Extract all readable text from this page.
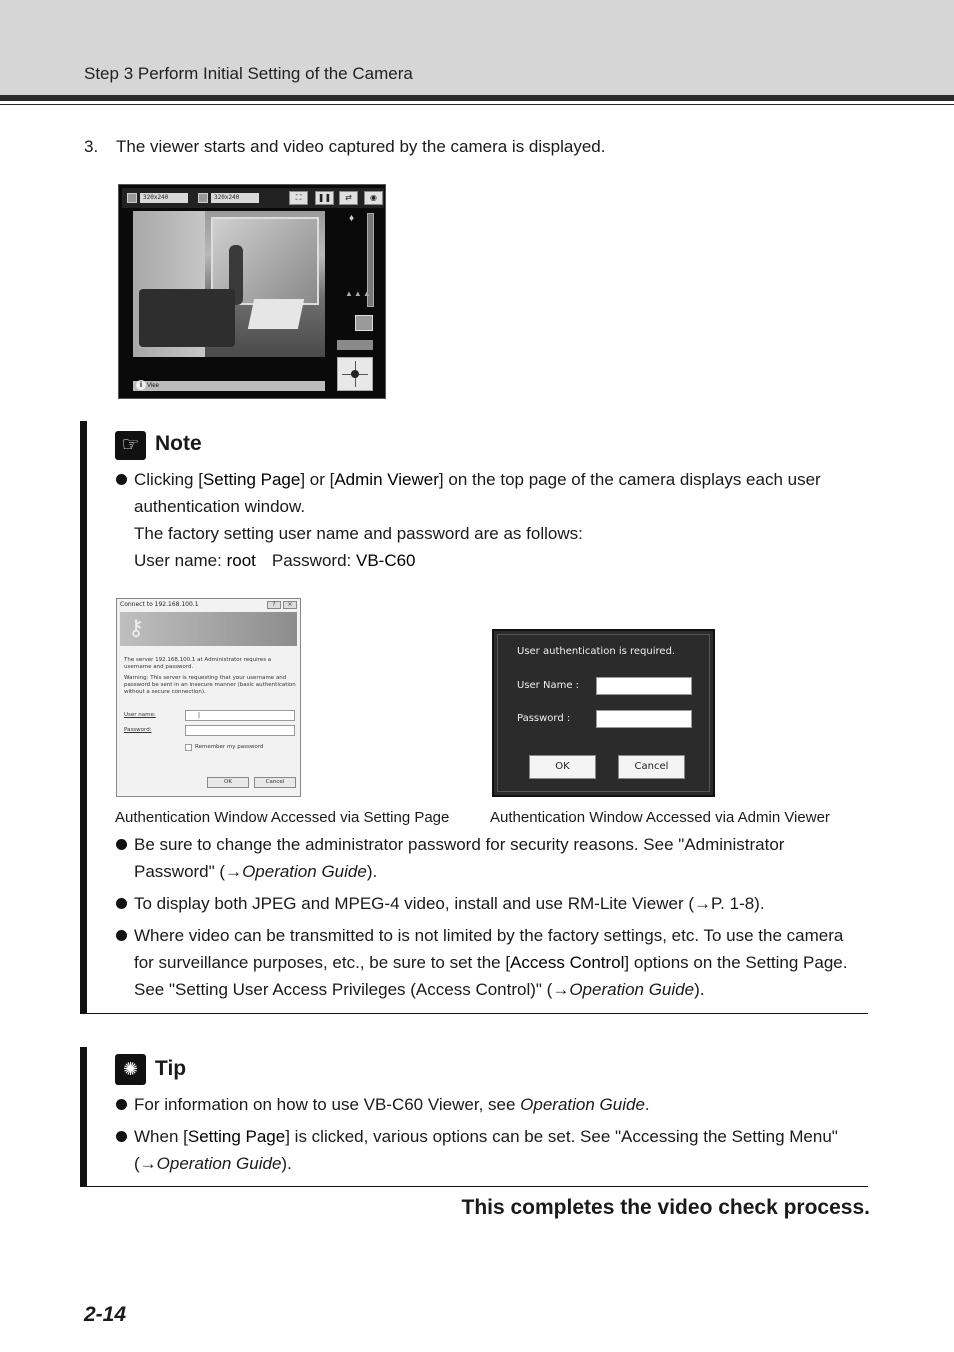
Step 3 Perform Initial Setting of the Camera
3. The viewer starts and video captured by the camera is displayed.
320x240	320x240	⛶	❚❚	⇄	◉
♦
▲▲▲
Viee
i
☞ Note
Clicking [Setting Page] or [Admin Viewer] on the top page of the camera displays each user authentication window.
The factory setting user name and password are as follows:
User name: root Password: VB-C60
Connect to 192.168.100.1	?	×
⚷
The server 192.168.100.1 at Administrator requires a username and password.
Warning: This server is requesting that your username and password be sent in an insecure manner (basic authentication without a secure connection).
User name:	|
Password:
Remember my password
OK	Cancel
User authentication is required.
User Name :
Password :
OK	Cancel
Authentication Window Accessed via Setting Page	Authentication Window Accessed via Admin Viewer
Be sure to change the administrator password for security reasons. See "Administrator Password" (→Operation Guide).
To display both JPEG and MPEG-4 video, install and use RM-Lite Viewer (→P. 1-8).
Where video can be transmitted to is not limited by the factory settings, etc. To use the camera for surveillance purposes, etc., be sure to set the [Access Control] options on the Setting Page. See "Setting User Access Privileges (Access Control)" (→Operation Guide).
✺ Tip
For information on how to use VB-C60 Viewer, see Operation Guide.
When [Setting Page] is clicked, various options can be set. See "Accessing the Setting Menu" (→Operation Guide).
This completes the video check process.
2-14
